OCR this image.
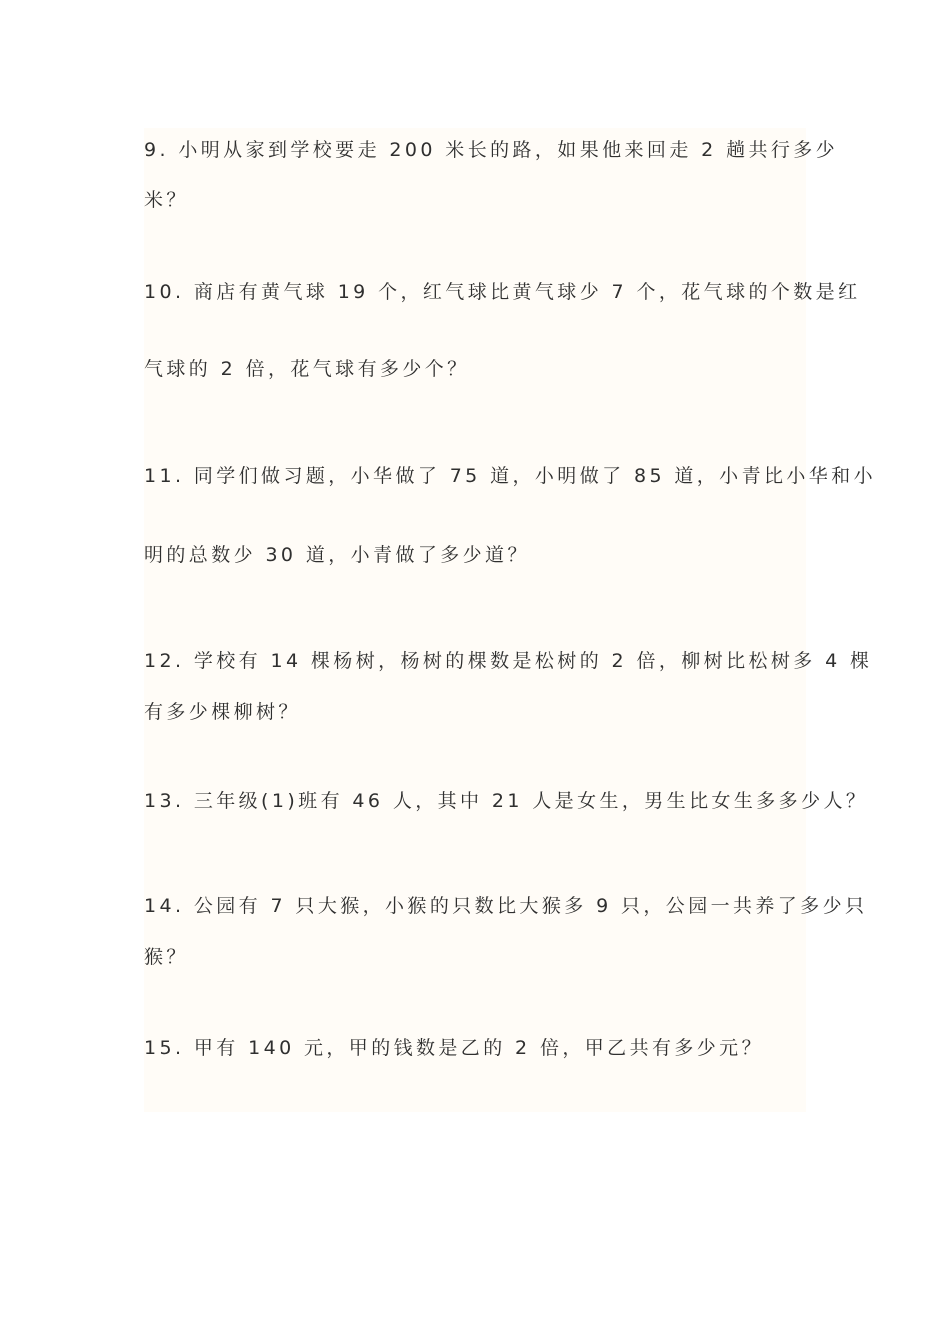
9. 小明从家到学校要走 200 米长的路，如果他来回走 2 趟共行多少
米？
10. 商店有黄气球 19 个，红气球比黄气球少 7 个，花气球的个数是红
气球的 2 倍，花气球有多少个？
11. 同学们做习题，小华做了 75 道，小明做了 85 道，小青比小华和小
明的总数少 30 道，小青做了多少道？
12. 学校有 14 棵杨树，杨树的棵数是松树的 2 倍，柳树比松树多 4 棵
有多少棵柳树？
13. 三年级(1)班有 46 人，其中 21 人是女生，男生比女生多多少人？
14. 公园有 7 只大猴，小猴的只数比大猴多 9 只，公园一共养了多少只
猴？
15. 甲有 140 元，甲的钱数是乙的 2 倍，甲乙共有多少元？
